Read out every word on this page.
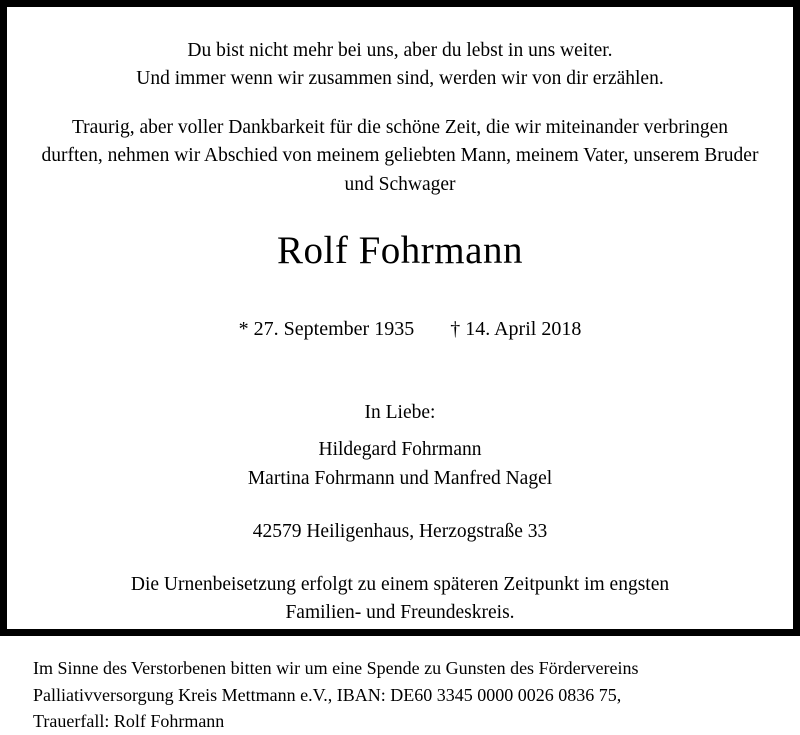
Du bist nicht mehr bei uns, aber du lebst in uns weiter.
Und immer wenn wir zusammen sind, werden wir von dir erzählen.
Traurig, aber voller Dankbarkeit für die schöne Zeit, die wir miteinander verbringen
durften, nehmen wir Abschied von meinem geliebten Mann, meinem Vater, unserem Bruder
und Schwager
Rolf Fohrmann

* 27. September 1935 † 14. April 2018

In Liebe:
Hildegard Fohrmann
Martina Fohrmann und Manfred Nagel
42579 Heiligenhaus, Herzogstraße 33
Die Urnenbeisetzung erfolgt zu einem späteren Zeitpunkt im engsten
Familien- und Freundeskreis.
Im Sinne des Verstorbenen bitten wir um eine Spende zu Gunsten des Fördervereins
Palliativversorgung Kreis Mettmann e.V., IBAN: DE60 3345 0000 0026 0836 75,
Trauerfall: Rolf Fohrmann
